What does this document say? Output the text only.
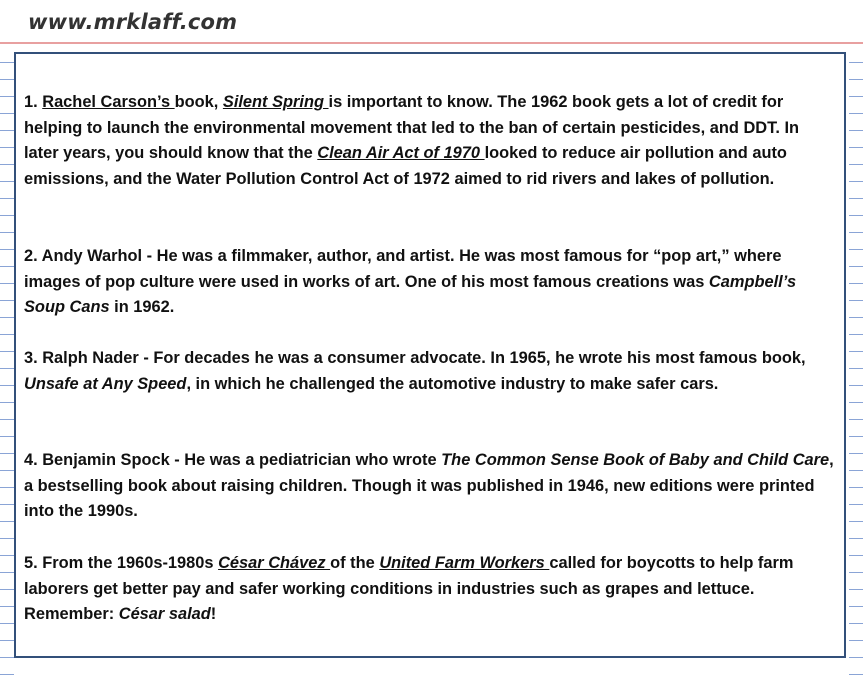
www.mrklaff.com

1. Rachel Carson’s book, Silent Spring is important to know. The 1962 book gets a lot of credit for helping to launch the environmental movement that led to the ban of certain pesticides, and DDT. In later years, you should know that the Clean Air Act of 1970 looked to reduce air pollution and auto emissions, and the Water Pollution Control Act of 1972 aimed to rid rivers and lakes of pollution.

2. Andy Warhol - He was a filmmaker, author, and artist. He was most famous for “pop art,” where images of pop culture were used in works of art. One of his most famous creations was Campbell’s Soup Cans in 1962.

3. Ralph Nader - For decades he was a consumer advocate. In 1965, he wrote his most famous book, Unsafe at Any Speed, in which he challenged the automotive industry to make safer cars.

4. Benjamin Spock - He was a pediatrician who wrote The Common Sense Book of Baby and Child Care, a bestselling book about raising children. Though it was published in 1946, new editions were printed into the 1990s.

5. From the 1960s-1980s César Chávez of the United Farm Workers called for boycotts to help farm laborers get better pay and safer working conditions in industries such as grapes and lettuce. Remember: César salad!
